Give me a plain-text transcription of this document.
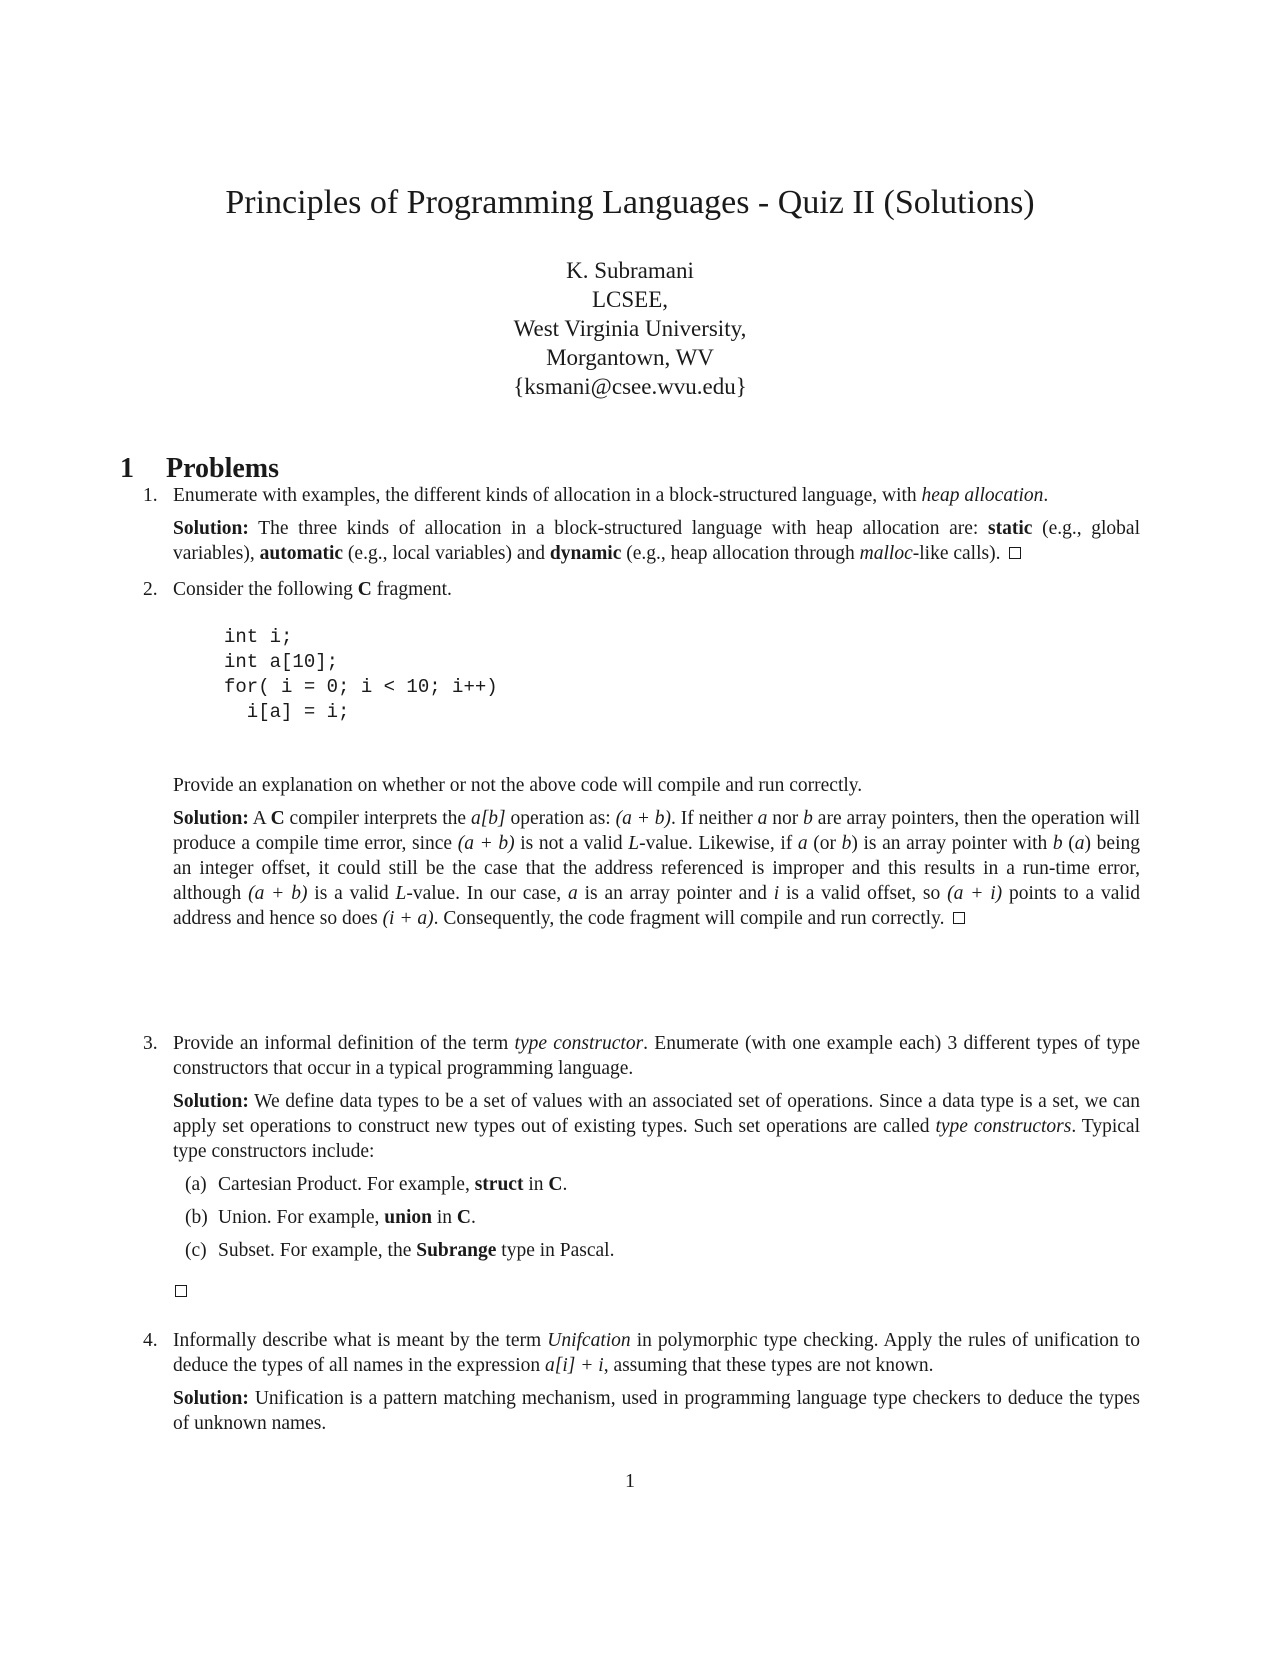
Principles of Programming Languages - Quiz II (Solutions)
K. Subramani
LCSEE,
West Virginia University,
Morgantown, WV
{ksmani@csee.wvu.edu}
1 Problems
1. Enumerate with examples, the different kinds of allocation in a block-structured language, with heap allocation.

Solution: The three kinds of allocation in a block-structured language with heap allocation are: static (e.g., global variables), automatic (e.g., local variables) and dynamic (e.g., heap allocation through malloc-like calls).

2. Consider the following C fragment.

int i;
int a[10];
for( i = 0; i < 10; i++)
i[a] = i;

Provide an explanation on whether or not the above code will compile and run correctly.

Solution: A C compiler interprets the a[b] operation as: (a + b). If neither a nor b are array pointers, then the operation will produce a compile time error, since (a + b) is not a valid L-value. Likewise, if a (or b) is an array pointer with b (a) being an integer offset, it could still be the case that the address referenced is improper and this results in a run-time error, although (a + b) is a valid L-value. In our case, a is an array pointer and i is a valid offset, so (a + i) points to a valid address and hence so does (i + a). Consequently, the code fragment will compile and run correctly.

3. Provide an informal definition of the term type constructor. Enumerate (with one example each) 3 different types of type constructors that occur in a typical programming language.

Solution: We define data types to be a set of values with an associated set of operations. Since a data type is a set, we can apply set operations to construct new types out of existing types. Such set operations are called type constructors. Typical type constructors include:

(a) Cartesian Product. For example, struct in C.
(b) Union. For example, union in C.
(c) Subset. For example, the Subrange type in Pascal.
4. Informally describe what is meant by the term Unifcation in polymorphic type checking. Apply the rules of unification to deduce the types of all names in the expression a[i] + i, assuming that these types are not known.

Solution: Unification is a pattern matching mechanism, used in programming language type checkers to deduce the types of unknown names.

1
